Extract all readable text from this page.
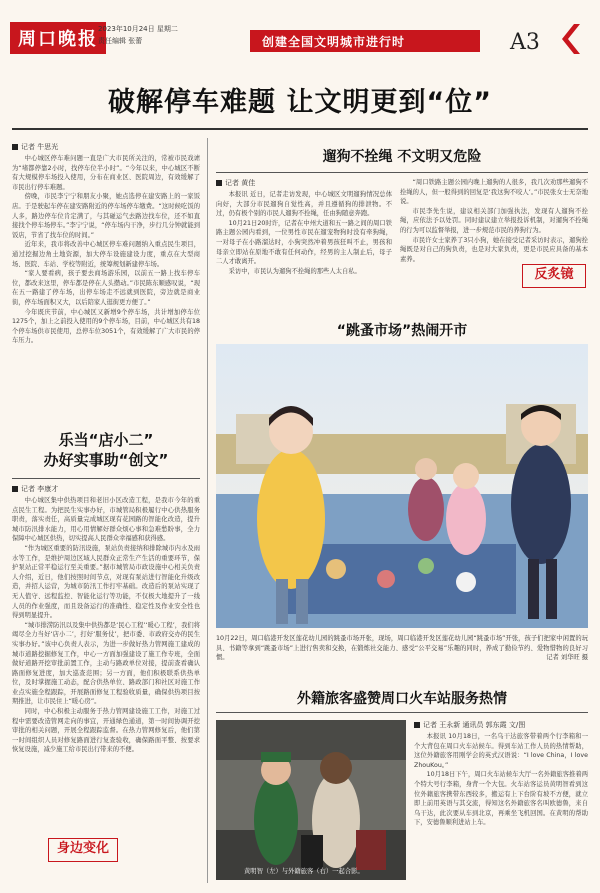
周口晚报 2023年10月24日 星期二
责任编辑 张蕾	创建全国文明城市进行时	A3
破解停车难题 让文明更到“位”
记者 牛思光

中心城区停车难问题一直是广大市民所关注的，常被市民戏谑为“堵都停靠2小时，找停车位半小时”。“今年以来，中心城区不断有大规模停车场投入使用，分布在商业区、医院周边，有效缓解了市民出行停车难题。

傍晚，市民李宁宁和朋友小聚，她点选停在建安路上的一家饭店。于是驶起车停在建安路附近的停车场停车缴费。“这时候吃饭的人多，路边停车位肯定满了，与其碰运气去路边找车位，还不如直接找个停车场停车。”李宁宁说，“停车场内干净，步行几分钟就能到饭店，节省了找车位的时间。”

近年来，我市将改善中心城区停车难问题纳入重点民生项目，通过挖掘边角土地资源，加大停车设施建设力度，重点在大型商场、医院、车站、学校等附近，统筹规划新建停车场。

“家人要看病，孩子要去商场游乐园，以前五一路上找车停车位，都改来这里，停车都是停在人头攒动。”市民陈东顺感叹说，“现在五一路建了停车场，出停车场走不远就到医院，旁边就是商业街，停车场面积又大，以后陪家人逛街更方便了。”

今年既庆节前，中心城区又新增9个停车场，共计增加停车位1275个，加上之前投入使用的9个停车场，目前，中心城区共有18个停车场供市民使用，总停车位3051个，有效缓解了广大市民的停车压力。

乐当“店小二”
办好实事助“创文”
记者 李康才

中心城区集中供热项目和老旧小区改造工程，是我市今年的重点民生工程。为把民生实事办好，市城管局积极履行中心供热服务职责，落实责任，高质量完成城区现有花园路的智能化改造，提升城市防汛排水能力，用心用情解好群众烦心事和急难愁盼事，全力保障中心城区供热，切实提高人民群众幸福感和获得感。

“作为城区重要的防汛设施，泵站负责接纳和排除城市内水及雨水等工作，是维护周边区域人民群众正常生产生活的重要环节，保护泵站正常平稳运行至关重要。”据市城管局市政设施中心相关负责人介绍，近日，他们按照时间节点，对现有泵站进行智能化升级改造，并招人运营，为城市防汛工作打牢基础。改造后的泵站实现了无人值守、远程监控、智能化运行等功能，不仅极大地提升了一线人员的作业强度，而且设备运行的准确性、稳定性及作业安全性也得到明显提升。

“城市排涝防汛以及集中供热都是‘民心工程’‘暖心工程’，我们将竭尽全力当好‘店小二’，打好‘服务仗’，把市委、市政府交办的民生实事办好。”该中心负责人表示，为进一步做好热力管网施工建成的城市道路挖掘修复工作，中心一方面加强建设了施工作专班，全面做好道路开挖审批前置工作，主动与路政单位对接，提前查看确认路面修复进度，加大巡查范围；另一方面，他们积极联系供热单位，及时掌握施工动态，配合供热单位、路政部门和社区对施工作业点实施全程跟踪，开展路面修复工程验收质量，确保供热项目按期推进，让市民住上“暖心房”。

同时，中心积极主动服务于热力管网建设施工工作，对施工过程中需要改造管网走向的事宜，开通绿色通道，第一时间协调开挖审批的相关问题，开展全程跟踪监督。在热力管网修复后，他们第一时间组织人员对修复路面进行复查验收，确保路面平整、按要求恢复设施，减少施工给市民出行带来的不便。

身边变化
遛狗不拴绳 不文明又危险
记者 黄佳

本报讯 近日，记者走访发现，中心城区文明遛狗情况总体向好，大部分市民遛狗自觉性高，并且遵循狗的排泄物。不过，仍有极个别的市民人遛狗不拴绳，任由狗随意奔跑。

10月21日20时许，记者在中州大道和五一路之间的周口铁路主题公园内看到，一位男性市民在遛宠物狗时没有牵狗绳，一对母子在小路溜达时，小狗突然冲着男孩狂叫不止，男孩和母亲立即站在原地不敢有任何动作，经男的主人制止后，母子二人才敢离开。

采访中，市民认为遛狗不拴绳的那些人太自私。

“周口铁路主题公园内晚上遛狗的人很多，我几次劝那些遛狗不拴绳的人，但一般得到的回复是‘我这狗不咬人’。”市民张女士无奈地说。

市民李先生说，建议相关部门加强执法，发现有人遛狗不拴绳，应依法予以处罚。同时建议建立举报投诉机制，对遛狗不拴绳的行为可以监督举报，进一步规范市民的养狗行为。

市民许女士家养了3只小狗，她在接受记者采访时表示，遛狗拴绳既是对自己的狗负责，也是对大家负责，更是市民应具备的基本素养。

反炙镜
“跳蚤市场”热闹开市
10月22日，周口临港开发区莲花幼儿园的跳蚤市场开张，现场，周口临港开发区莲花幼儿园“跳蚤市场”开张，孩子们把家中闲置的玩具、书籍等拿到“跳蚤市场”上进行售卖和交换，在锻炼社交能力、感受“公平交易”乐趣的同时，养成了勤俭节约、爱物惜物的良好习惯。	记者 刘华旺 摄
外籍旅客盛赞周口火车站服务热情
黄明智（左）与外籍旅客（右）一起合影。
记者 王永新 通讯员 郭东霞 文/图

本报讯 10月18日，一名乌干达旅客带着两个行李箱和一个大背包在周口火车站候车。得到车站工作人员的热情帮助，这位外籍旅客用刚学会的英式汉语说：“I love China，I love ZhouKou。”

10月18日下午，周口火车站候车大厅一名外籍旅客推着两个特大号行李箱，身背一个大包。火车站客运员黄明智看到这位外籍旅客携带东西较多，搬运有上下台阶有坡不方便，就立即上前用英语与其交流，得知这名外籍旅客名叫欧德鲁，来自乌干达，此次要从车到北京，再乘坐飞机回国。在黄明的帮助下，安德鲁顺利进站上车。
